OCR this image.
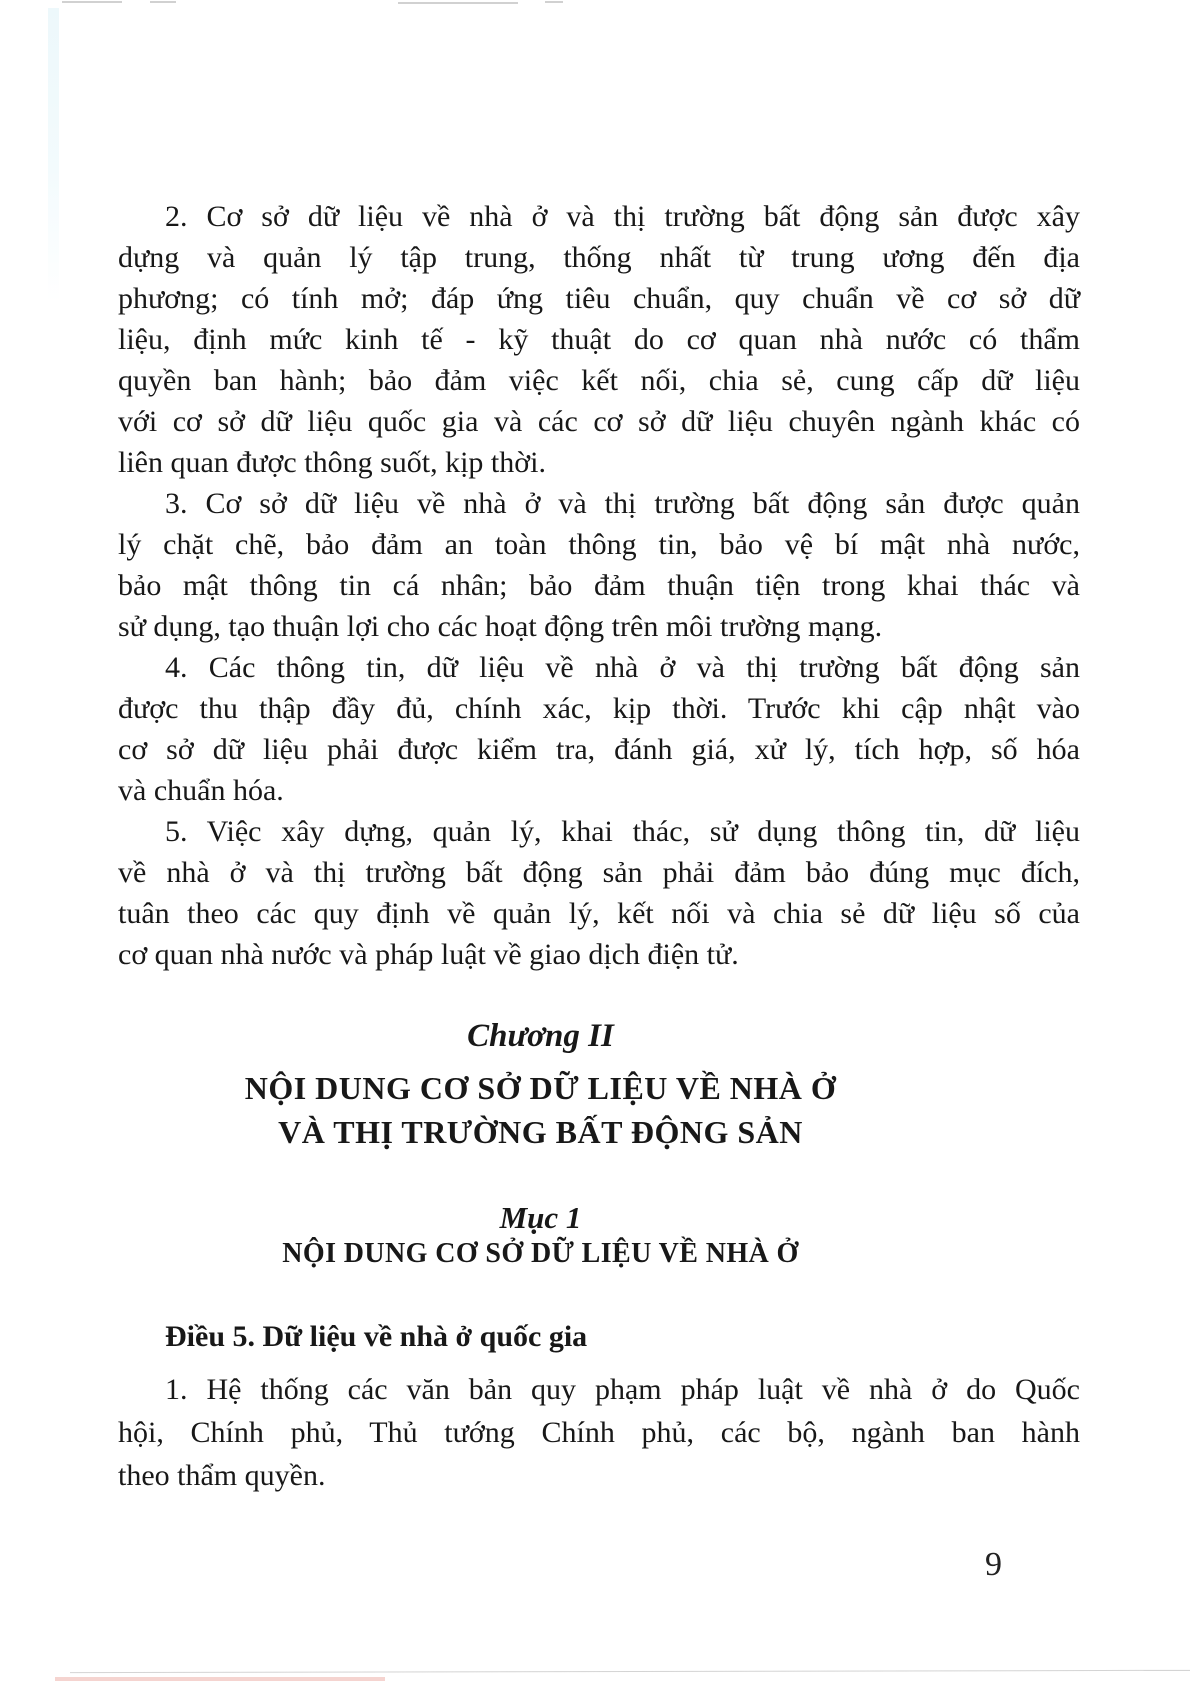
2. Cơ sở dữ liệu về nhà ở và thị trường bất động sản được xây
dựng và quản lý tập trung, thống nhất từ trung ương đến địa
phương; có tính mở; đáp ứng tiêu chuẩn, quy chuẩn về cơ sở dữ
liệu, định mức kinh tế - kỹ thuật do cơ quan nhà nước có thẩm
quyền ban hành; bảo đảm việc kết nối, chia sẻ, cung cấp dữ liệu
với cơ sở dữ liệu quốc gia và các cơ sở dữ liệu chuyên ngành khác có
liên quan được thông suốt, kịp thời.
3. Cơ sở dữ liệu về nhà ở và thị trường bất động sản được quản
lý chặt chẽ, bảo đảm an toàn thông tin, bảo vệ bí mật nhà nước,
bảo mật thông tin cá nhân; bảo đảm thuận tiện trong khai thác và
sử dụng, tạo thuận lợi cho các hoạt động trên môi trường mạng.
4. Các thông tin, dữ liệu về nhà ở và thị trường bất động sản
được thu thập đầy đủ, chính xác, kịp thời. Trước khi cập nhật vào
cơ sở dữ liệu phải được kiểm tra, đánh giá, xử lý, tích hợp, số hóa
và chuẩn hóa.
5. Việc xây dựng, quản lý, khai thác, sử dụng thông tin, dữ liệu
về nhà ở và thị trường bất động sản phải đảm bảo đúng mục đích,
tuân theo các quy định về quản lý, kết nối và chia sẻ dữ liệu số của
cơ quan nhà nước và pháp luật về giao dịch điện tử.
Chương II
NỘI DUNG CƠ SỞ DỮ LIỆU VỀ NHÀ Ở
VÀ THỊ TRƯỜNG BẤT ĐỘNG SẢN
Mục 1
NỘI DUNG CƠ SỞ DỮ LIỆU VỀ NHÀ Ở
Điều 5. Dữ liệu về nhà ở quốc gia
1. Hệ thống các văn bản quy phạm pháp luật về nhà ở do Quốc
hội, Chính phủ, Thủ tướng Chính phủ, các bộ, ngành ban hành
theo thẩm quyền.
9
